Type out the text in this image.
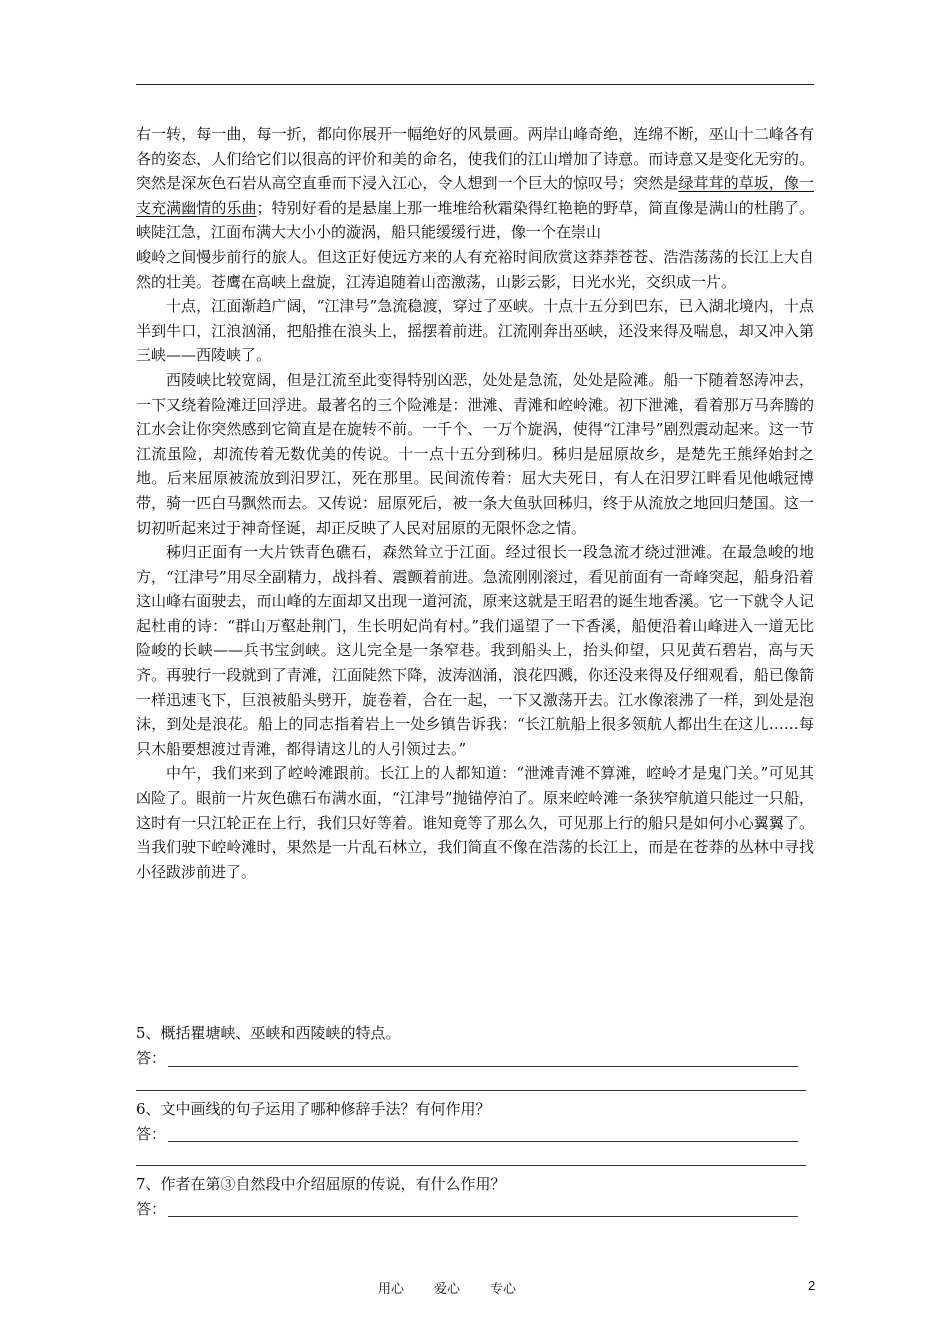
右一转，每一曲，每一折，都向你展开一幅绝好的风景画。两岸山峰奇绝，连绵不断，巫山十二峰各有各的姿态，人们给它们以很高的评价和美的命名，使我们的江山增加了诗意。而诗意又是变化无穷的。突然是深灰色石岩从高空直垂而下浸入江心，令人想到一个巨大的惊叹号；突然是绿茸茸的草坂，像一支充满幽情的乐曲；特别好看的是悬崖上那一堆堆给秋霜染得红艳艳的野草，简直像是满山的杜鹃了。峡陡江急，江面布满大大小小的漩涡，船只能缓缓行进，像一个在崇山

峻岭之间慢步前行的旅人。但这正好使远方来的人有充裕时间欣赏这莽莽苍苍、浩浩荡荡的长江上大自然的壮美。苍鹰在高峡上盘旋，江涛追随着山峦激荡，山影云影，日光水光，交织成一片。

十点，江面渐趋广阔，“江津号”急流稳渡，穿过了巫峡。十点十五分到巴东，已入湖北境内，十点半到牛口，江浪汹涌，把船推在浪头上，摇摆着前进。江流刚奔出巫峡，还没来得及喘息，却又冲入第三峡——西陵峡了。

西陵峡比较宽阔，但是江流至此变得特别凶恶，处处是急流，处处是险滩。船一下随着怒涛冲去，一下又绕着险滩迂回浮进。最著名的三个险滩是：泄滩、青滩和崆岭滩。初下泄滩，看着那万马奔腾的江水会让你突然感到它简直是在旋转不前。一千个、一万个旋涡，使得“江津号”剧烈震动起来。这一节江流虽险，却流传着无数优美的传说。十一点十五分到秭归。秭归是屈原故乡，是楚先王熊绎始封之地。后来屈原被流放到汨罗江，死在那里。民间流传着：屈大夫死日，有人在汨罗江畔看见他峨冠博带，骑一匹白马飘然而去。又传说：屈原死后，被一条大鱼驮回秭归，终于从流放之地回归楚国。这一切初听起来过于神奇怪诞，却正反映了人民对屈原的无限怀念之情。

秭归正面有一大片铁青色礁石，森然耸立于江面。经过很长一段急流才绕过泄滩。在最急峻的地方，“江津号”用尽全副精力，战抖着、震颤着前进。急流刚刚滚过，看见前面有一奇峰突起，船身沿着这山峰右面驶去，而山峰的左面却又出现一道河流，原来这就是王昭君的诞生地香溪。它一下就令人记起杜甫的诗：“群山万壑赴荆门，生长明妃尚有村。”我们遥望了一下香溪，船便沿着山峰进入一道无比险峻的长峡——兵书宝剑峡。这儿完全是一条窄巷。我到船头上，抬头仰望，只见黄石碧岩，高与天齐。再驶行一段就到了青滩，江面陡然下降，波涛汹涌，浪花四溅，你还没来得及仔细观看，船已像箭一样迅速飞下，巨浪被船头劈开，旋卷着，合在一起，一下又激荡开去。江水像滚沸了一样，到处是泡沫，到处是浪花。船上的同志指着岩上一处乡镇告诉我：“长江航船上很多领航人都出生在这儿……每只木船要想渡过青滩，都得请这儿的人引领过去。”

中午，我们来到了崆岭滩跟前。长江上的人都知道：“泄滩青滩不算滩，崆岭才是鬼门关。”可见其凶险了。眼前一片灰色礁石布满水面，“江津号”抛锚停泊了。原来崆岭滩一条狭窄航道只能过一只船，这时有一只江轮正在上行，我们只好等着。谁知竟等了那么久，可见那上行的船只是如何小心翼翼了。当我们驶下崆岭滩时，果然是一片乱石林立，我们简直不像在浩荡的长江上，而是在苍莽的丛林中寻找小径跋涉前进了。

5、概括瞿塘峡、巫峡和西陵峡的特点。
答：
6、文中画线的句子运用了哪种修辞手法？有何作用？
答：
7、作者在第③自然段中介绍屈原的传说，有什么作用？
答：
用心 爱心 专心	2
